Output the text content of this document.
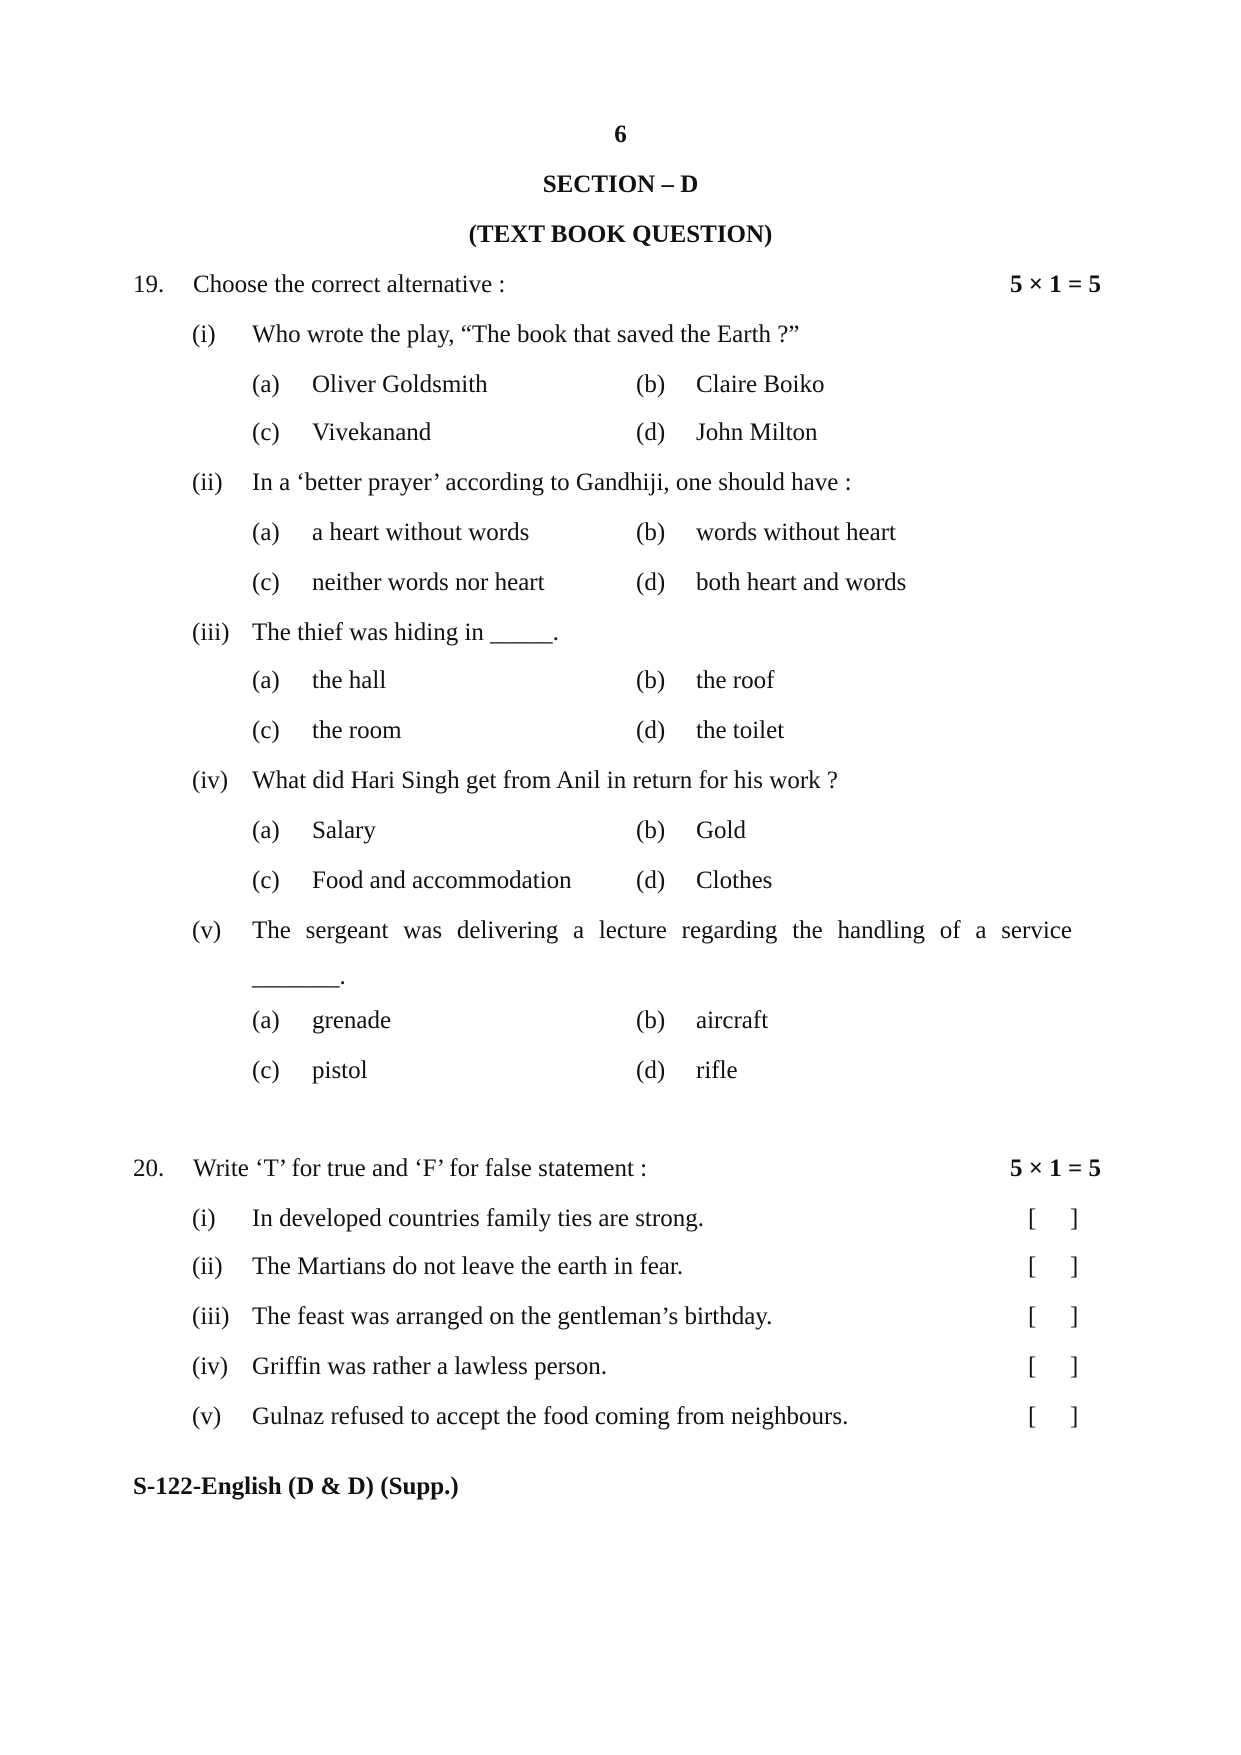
6
SECTION – D
(TEXT BOOK QUESTION)
19. Choose the correct alternative :	5 × 1 = 5
(i) Who wrote the play, “The book that saved the Earth ?”
(a) Oliver Goldsmith	(b) Claire Boiko
(c) Vivekanand	(d) John Milton
(ii) In a ‘better prayer’ according to Gandhiji, one should have :
(a) a heart without words	(b) words without heart
(c) neither words nor heart	(d) both heart and words
(iii) The thief was hiding in _____.
(a) the hall	(b) the roof
(c) the room	(d) the toilet
(iv) What did Hari Singh get from Anil in return for his work ?
(a) Salary	(b) Gold
(c) Food and accommodation	(d) Clothes
(v) The sergeant was delivering a lecture regarding the handling of a service
_______.
(a) grenade	(b) aircraft
(c) pistol	(d) rifle
20. Write ‘T’ for true and ‘F’ for false statement :	5 × 1 = 5
(i) In developed countries family ties are strong.	[ ]
(ii) The Martians do not leave the earth in fear.	[ ]
(iii) The feast was arranged on the gentleman’s birthday.	[ ]
(iv) Griffin was rather a lawless person.	[ ]
(v) Gulnaz refused to accept the food coming from neighbours.	[ ]
S-122-English (D & D) (Supp.)
